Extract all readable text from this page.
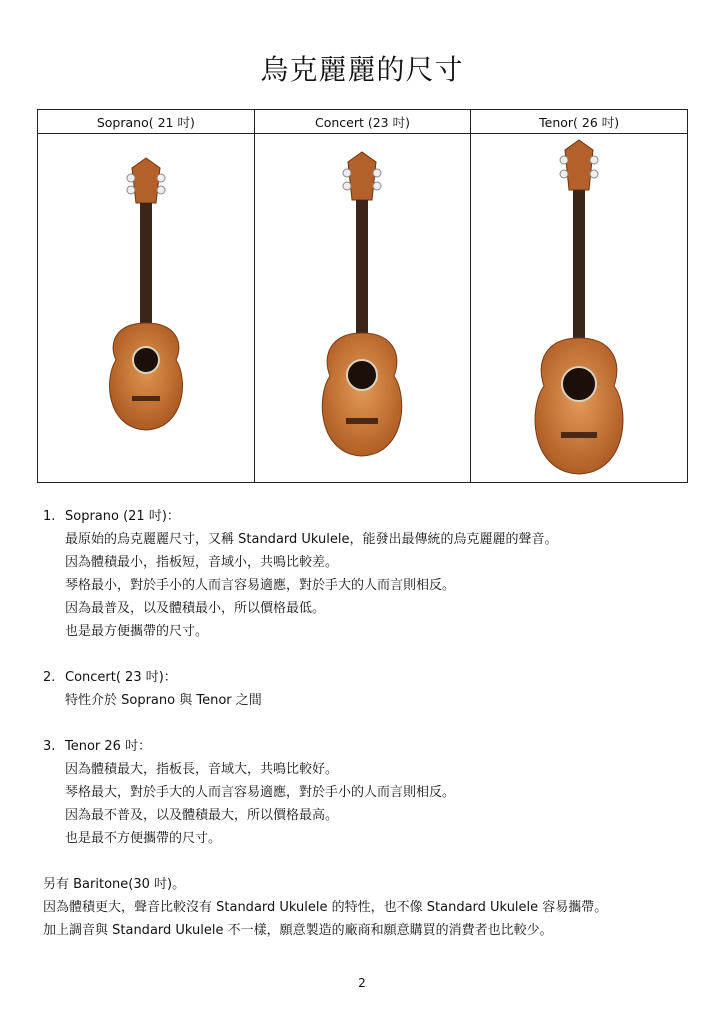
烏克麗麗的尺寸
Soprano( 21 吋)	Concert (23 吋)	Tenor( 26 吋)

1. Soprano (21 吋)：

最原始的烏克麗麗尺寸，又稱 Standard Ukulele，能發出最傳統的烏克麗麗的聲音。

因為體積最小，指板短，音域小，共鳴比較差。

琴格最小，對於手小的人而言容易適應，對於手大的人而言則相反。

因為最普及，以及體積最小，所以價格最低。

也是最方便攜帶的尺寸。

2. Concert( 23 吋)：

特性介於 Soprano 與 Tenor 之間

3. Tenor 26 吋：

因為體積最大，指板長，音域大，共鳴比較好。

琴格最大，對於手大的人而言容易適應，對於手小的人而言則相反。

因為最不普及，以及體積最大，所以價格最高。

也是最不方便攜帶的尺寸。

另有 Baritone(30 吋)。

因為體積更大，聲音比較沒有 Standard Ukulele 的特性，也不像 Standard Ukulele 容易攜帶。

加上調音與 Standard Ukulele 不一樣，願意製造的廠商和願意購買的消費者也比較少。

2
